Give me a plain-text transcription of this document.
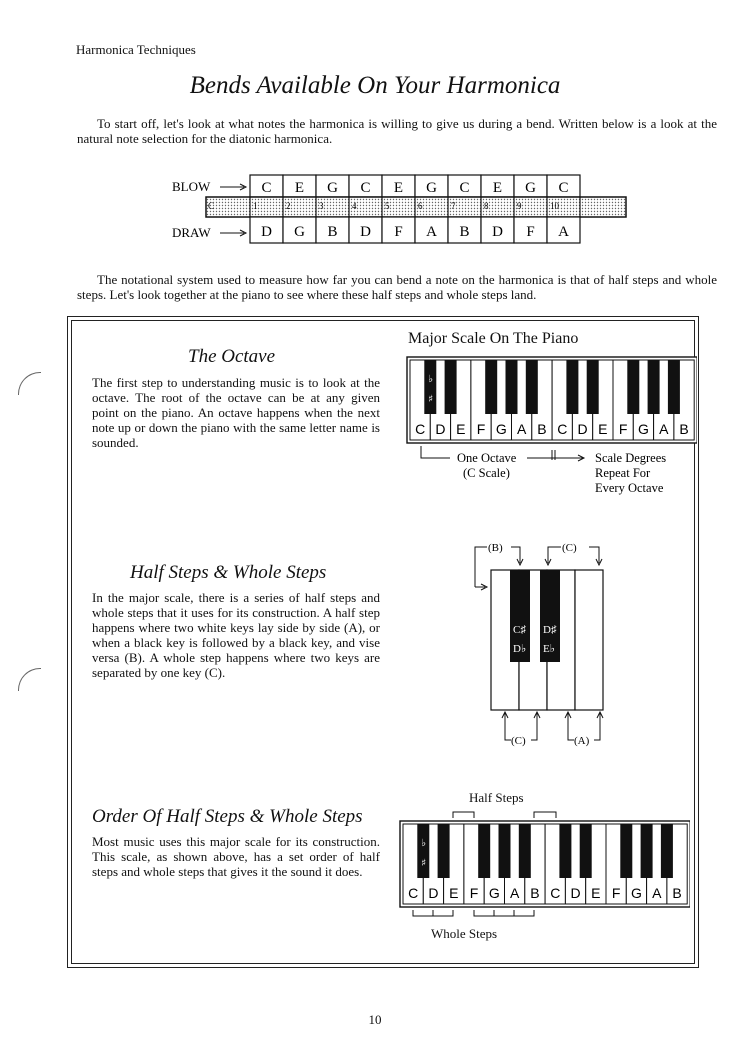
Harmonica Techniques
Bends Available On Your Harmonica
To start off, let's look at what notes the harmonica is willing to give us during a bend. Written below is a look at the natural note selection for the diatonic harmonica.
BLOW
DRAW
C E G C E G C E G C
C	1	2	3	4	5	6	7	8	9	10
D G B D F A B D F A
The notational system used to measure how far you can bend a note on the harmonica is that of half steps and whole steps. Let's look together at the piano to see where these half steps and whole steps land.
The Octave
The first step to understanding music is to look at the octave. The root of the octave can be at any given point on the piano. An octave happens when the next note up or down the piano with the same letter name is sounded.
Major Scale On The Piano
C D E F G A B C D E F G A B
♭
♯
One Octave
(C Scale)
Scale Degrees
Repeat For
Every Octave
Half Steps & Whole Steps
In the major scale, there is a series of half steps and whole steps that it uses for its construction. A half step happens where two white keys lay side by side (A), or when a black key is followed by a black key, and vise versa (B). A whole step happens where two keys are separated by one key (C).
C♯
D♭
D♯
E♭
(B)	(C)
(C)	(A)
Order Of Half Steps & Whole Steps
Most music uses this major scale for its construction. This scale, as shown above, has a set order of half steps and whole steps that gives it the sound it does.
Half Steps
C D E F G A B C D E F G A B
♭
♯
Whole Steps
10
